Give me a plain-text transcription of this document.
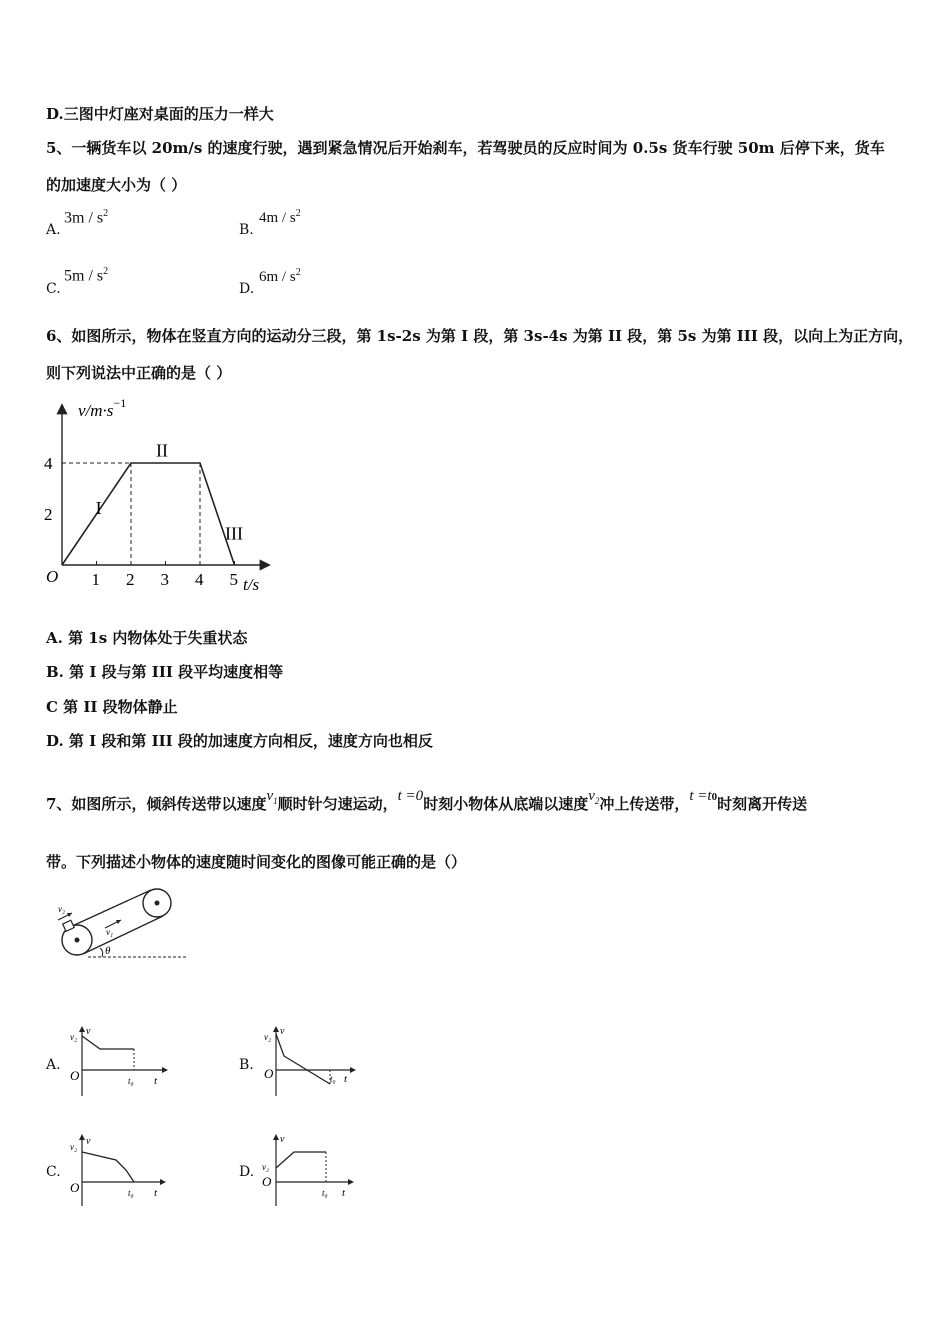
D.三图中灯座对桌面的压力一样大
5、一辆货车以 20m/s 的速度行驶，遇到紧急情况后开始刹车，若驾驶员的反应时间为 0.5s 货车行驶 50m 后停下来，货车
的加速度大小为（ ）
A.
$3m / s^2$
B.
$4m / s^2$
C.
$5m / s^2$
D.
$6m / s^2$
6、如图所示，物体在竖直方向的运动分三段，第 1s-2s 为第 I 段，第 3s-4s 为第 II 段，第 5s 为第 III 段，以向上为正方向，
则下列说法中正确的是（ ）
$v/m\cdot s^{-1}$
t/s
O 1 2 3 4 5
2
4
I
II
III
A. 第 1s 内物体处于失重状态
B. 第 I 段与第 III 段平均速度相等
C 第 II 段物体静止
D. 第 I 段和第 III 段的加速度方向相反，速度方向也相反
7、如图所示，倾斜传送带以速度$v_1$顺时针匀速运动，t =0时刻小物体从底端以速度$v_2$冲上传送带，t =t0时刻离开传送
带。下列描述小物体的速度随时间变化的图像可能正确的是（）
v₂
v₁
θ
A.	B.
C.	D.
v
v₂
O	t
t₀
v
v₂
O	t
t₀
v
v₂
O	t
t₀
v
v₂
O
t
t₀
